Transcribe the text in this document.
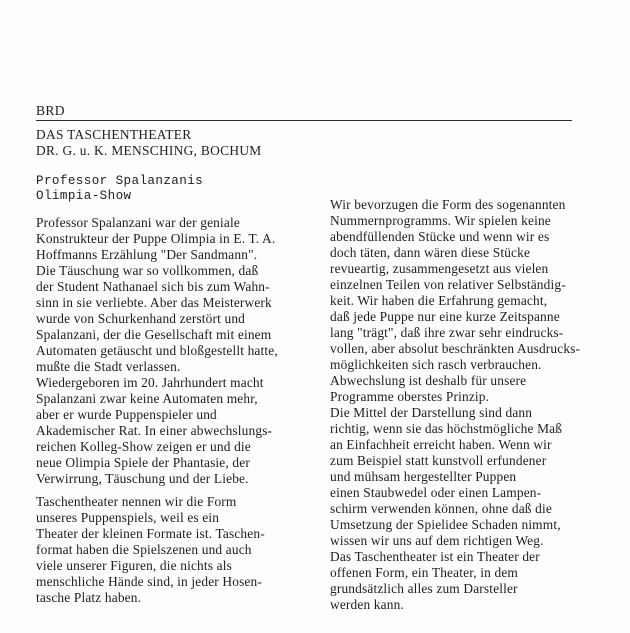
BRD
DAS TASCHENTHEATER
DR. G. u. K. MENSCHING, BOCHUM
Professor Spalanzanis
Olimpia-Show
Professor Spalanzani war der geniale
Konstrukteur der Puppe Olimpia in E. T. A.
Hoffmanns Erzählung "Der Sandmann".
Die Täuschung war so vollkommen, daß
der Student Nathanael sich bis zum Wahn-
sinn in sie verliebte. Aber das Meisterwerk
wurde von Schurkenhand zerstört und
Spalanzani, der die Gesellschaft mit einem
Automaten getäuscht und bloßgestellt hatte,
mußte die Stadt verlassen.
Wiedergeboren im 20. Jahrhundert macht
Spalanzani zwar keine Automaten mehr,
aber er wurde Puppenspieler und
Akademischer Rat. In einer abwechslungs-
reichen Kolleg-Show zeigen er und die
neue Olimpia Spiele der Phantasie, der
Verwirrung, Täuschung und der Liebe.
Taschentheater nennen wir die Form
unseres Puppenspiels, weil es ein
Theater der kleinen Formate ist. Taschen-
format haben die Spielszenen und auch
viele unserer Figuren, die nichts als
menschliche Hände sind, in jeder Hosen-
tasche Platz haben.
Wir bevorzugen die Form des sogenannten
Nummernprogramms. Wir spielen keine
abendfüllenden Stücke und wenn wir es
doch täten, dann wären diese Stücke
revueartig, zusammengesetzt aus vielen
einzelnen Teilen von relativer Selbständig-
keit. Wir haben die Erfahrung gemacht,
daß jede Puppe nur eine kurze Zeitspanne
lang "trägt", daß ihre zwar sehr eindrucks-
vollen, aber absolut beschränkten Ausdrucks-
möglichkeiten sich rasch verbrauchen.
Abwechslung ist deshalb für unsere
Programme oberstes Prinzip.
Die Mittel der Darstellung sind dann
richtig, wenn sie das höchstmögliche Maß
an Einfachheit erreicht haben. Wenn wir
zum Beispiel statt kunstvoll erfundener
und mühsam hergestellter Puppen
einen Staubwedel oder einen Lampen-
schirm verwenden können, ohne daß die
Umsetzung der Spielidee Schaden nimmt,
wissen wir uns auf dem richtigen Weg.
Das Taschentheater ist ein Theater der
offenen Form, ein Theater, in dem
grundsätzlich alles zum Darsteller
werden kann.
